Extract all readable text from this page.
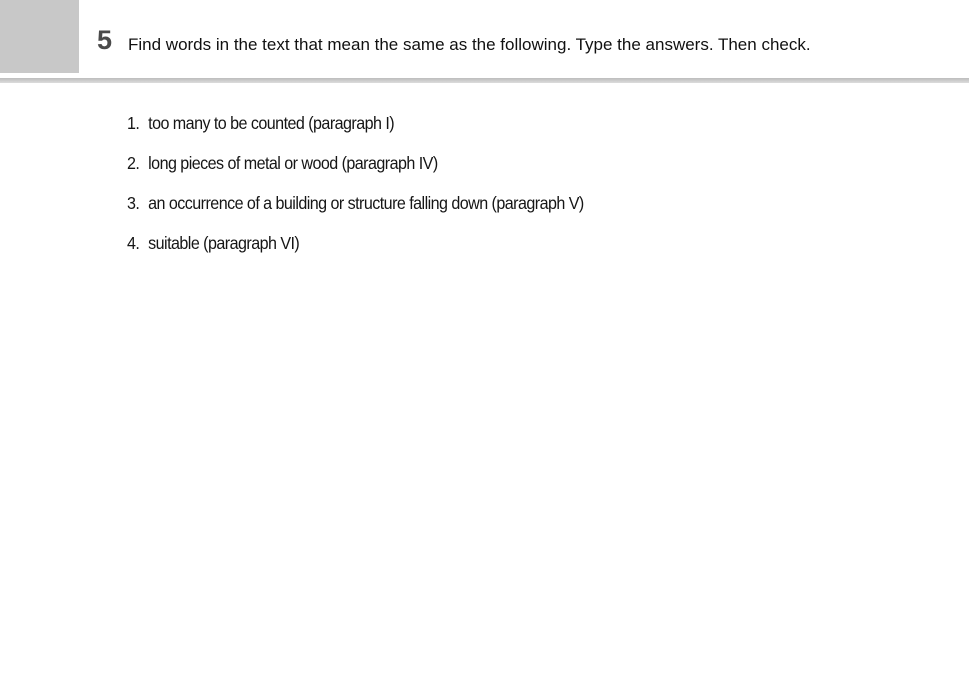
5 Find words in the text that mean the same as the following. Type the answers. Then check.
1. too many to be counted (paragraph I)
2. long pieces of metal or wood (paragraph IV)
3. an occurrence of a building or structure falling down (paragraph V)
4. suitable (paragraph VI)
